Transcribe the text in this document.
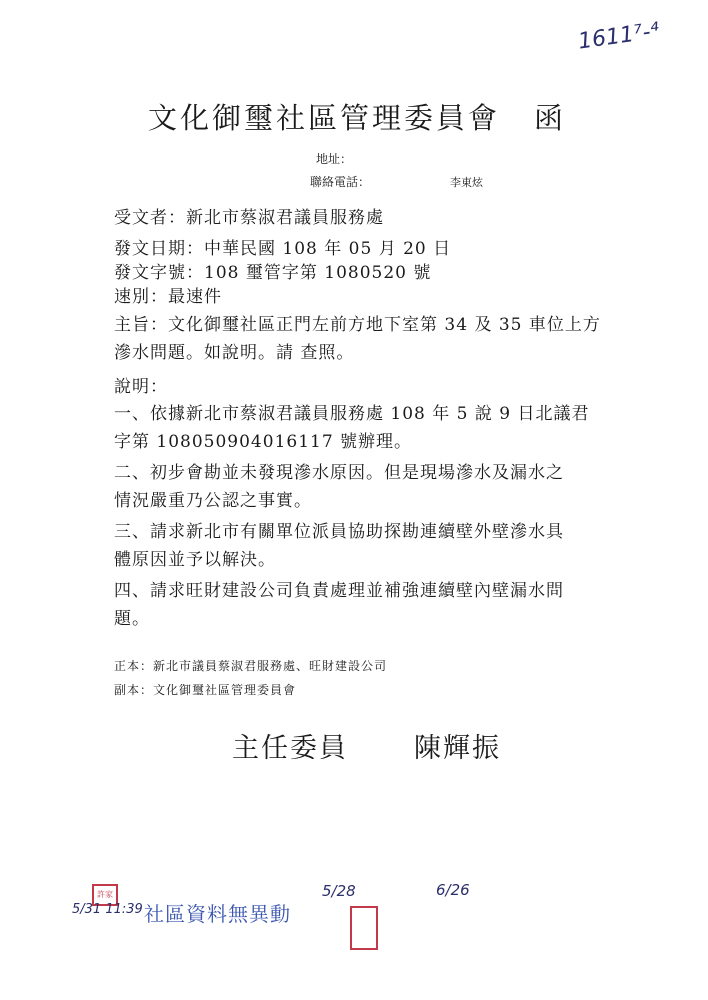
1611⁷-⁴
文化御璽社區管理委員會 函
地址：
聯絡電話：	李東炫
受文者：新北市蔡淑君議員服務處
發文日期：中華民國 108 年 05 月 20 日
發文字號：108 璽管字第 1080520 號
速別：最速件
主旨：文化御璽社區正門左前方地下室第 34 及 35 車位上方
滲水問題。如說明。請 查照。
說明：
一、依據新北市蔡淑君議員服務處 108 年 5 說 9 日北議君
字第 108050904016117 號辦理。
二、初步會勘並未發現滲水原因。但是現場滲水及漏水之
情況嚴重乃公認之事實。
三、請求新北市有關單位派員協助探勘連續壁外壁滲水具
體原因並予以解決。
四、請求旺財建設公司負責處理並補強連續壁內壁漏水問
題。
正本：新北市議員蔡淑君服務處、旺財建設公司
副本：文化御璽社區管理委員會
主任委員 陳輝振
許家
5/31 11:39 社區資料無異動
5/28	6/26
